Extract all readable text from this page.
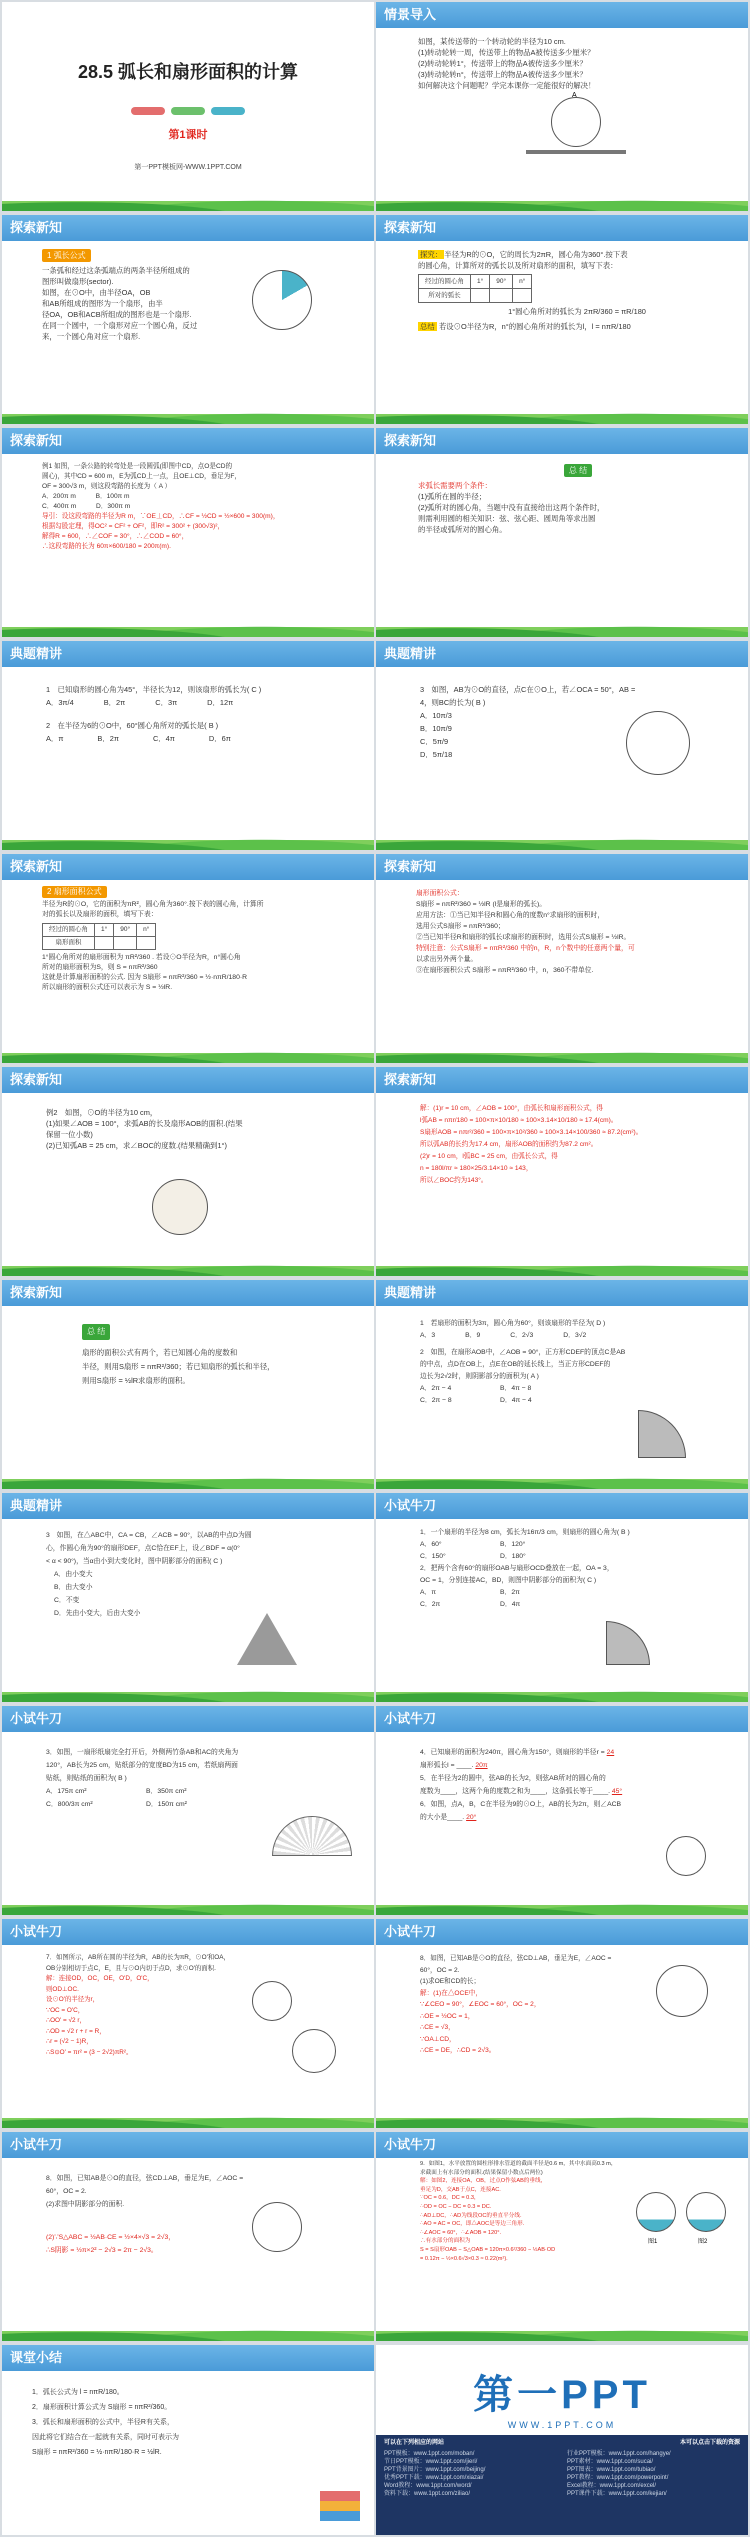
28.5 弧长和扇形面积的计算
第1课时
第一PPT模板网-WWW.1PPT.COM
情景导入
如图，某传送带的一个转动轮的半径为10 cm.
(1)转动轮转一周，传送带上的物品A被传送多少厘米？
(2)转动轮转1°，传送带上的物品A被传送多少厘米？
(3)转动轮转n°，传送带上的物品A被传送多少厘米？
如何解决这个问题呢？学完本课你一定能很好的解决！
A
探索新知
1 弧长公式
一条弧和经过这条弧端点的两条半径所组成的
图形叫做扇形(sector).
如图，在⊙O中，由半径OA，OB
和AB所组成的图形为一个扇形，由半
径OA，OB和ACB所组成的图形也是一个扇形.
在同一个圆中，一个扇形对应一个圆心角，反过
来，一个圆心角对应一个扇形.
探索新知
探究： 半径为R的⊙O，它的周长为2πR，圆心角为360°.按下表
的圆心角，计算所对的弧长以及所对扇形的面积，填写下表：
经过的圆心角	1°	90°	n°
所对的弧长			
1°圆心角所对的弧长为 2πR/360 = πR/180
总结 若设⊙O半径为R，n°的圆心角所对的弧长为l，l = nπR/180
探索新知
例1 如图，一条公路的转弯处是一段圆弧(即图中CD，点O是CD的
圆心)，其中CD = 600 m，E为弧CD上一点，且OE⊥CD，垂足为F，
OF = 300√3 m，则这段弯路的长度为（ A ）
A．200π m　　　B．100π m
C．400π m　　　D．300π m
导引：设这段弯路的半径为R m，∵OE⊥CD，∴CF = ½CD = ½×600 = 300(m)，
根据勾股定理，得OC² = CF² + OF²，即R² = 300² + (300√3)²，
解得R = 600，∴∠COF = 30°，∴∠COD = 60°，
∴这段弯路的长为 60π×600/180 = 200π(m).
探索新知
总 结
求弧长需要两个条件：
(1)弧所在圆的半径；
(2)弧所对的圆心角，当题中没有直接给出这两个条件时，
则需利用圆的相关知识：弦、弦心距、圆周角等求出圆
的半径或弧所对的圆心角。
典题精讲
1　已知扇形的圆心角为45°，半径长为12，则该扇形的弧长为( C )
A．3π/4	B．2π	C．3π	D．12π
2　在半径为6的⊙O中，60°圆心角所对的弧长是( B )
A．π	B．2π	C．4π	D．6π
典题精讲
3　如图，AB为⊙O的直径，点C在⊙O上，若∠OCA = 50°，AB =
4，则BC的长为( B )
A．10π/3
B．10π/9
C．5π/9
D．5π/18
探索新知
2 扇形面积公式
半径为R的⊙O，它的面积为πR²，圆心角为360°.按下表的圆心角，计算所
对的弧长以及扇形的面积，填写下表：
经过的圆心角	1°	90°	n°
扇形面积			
1°圆心角所对的扇形面积为 πR²/360 . 若设⊙O半径为R，n°圆心角
所对的扇形面积为S，则 S = nπR²/360
这就是计算扇形面积的公式. 因为 S扇形 = nπR²/360 = ½·nπR/180·R
所以扇形的面积公式还可以表示为 S = ½lR.
探索新知
扇形面积公式：
S扇形 = nπR²/360 = ½lR (l是扇形的弧长)。
应用方法：①当已知半径R和圆心角的度数n°求扇形的面积时，
选用公式S扇形 = nπR²/360；
②当已知半径R和扇形的弧长l求扇形的面积时，选用公式S扇形 = ½lR。
特别注意：公式S扇形 = nπR²/360 中的n，R，n个数中的任意两个量，可
以求出另外两个量。
③在扇形面积公式 S扇形 = nπR²/360 中，n，360不带单位.
探索新知
例2　如图，⊙O的半径为10 cm，
(1)如果∠AOB = 100°，求弧AB的长及扇形AOB的面积.(结果
保留一位小数)
(2)已知弧AB = 25 cm，求∠BOC的度数.(结果精确到1°)
探索新知
解：(1)r = 10 cm，∠AOB = 100°，由弧长和扇形面积公式，得
l弧AB = nπr/180 = 100×π×10/180 ≈ 100×3.14×10/180 ≈ 17.4(cm)。
S扇形AOB = nπr²/360 = 100×π×10²/360 ≈ 100×3.14×100/360 ≈ 87.2(cm²)。
所以弧AB的长约为17.4 cm，扇形AOB的面积约为87.2 cm²。
(2)r = 10 cm，l弧BC = 25 cm，由弧长公式，得
n = 180l/πr ≈ 180×25/3.14×10 ≈ 143，
所以∠BOC约为143°。
探索新知
总 结
扇形的面积公式有两个，若已知圆心角的度数和
半径，则用S扇形 = nπR²/360；若已知扇形的弧长和半径，
则用S扇形 = ½lR求扇形的面积。
典题精讲
1　若扇形的面积为3π，圆心角为60°，则该扇形的半径为( D )
A．3	B．9	C．2√3	D．3√2
2　如图，在扇形AOB中，∠AOB = 90°，正方形CDEF的顶点C是AB
的中点，点D在OB上，点E在OB的延长线上，当正方形CDEF的
边长为2√2时，则阴影部分的面积为( A )
A．2π − 4	B．4π − 8
C．2π − 8	D．4π − 4
典题精讲
3　如图，在△ABC中，CA = CB，∠ACB = 90°，以AB的中点D为圆
心，作圆心角为90°的扇形DEF，点C恰在EF上，设∠BDF = α(0°
< α < 90°)，当α由小到大变化时，图中阴影部分的面积( C )
A．由小变大
B．由大变小
C．不变
D．先由小变大，后由大变小
小试牛刀
1．一个扇形的半径为8 cm，弧长为16π/3 cm，则扇形的圆心角为( B )
A．60°	B．120°
C．150°	D．180°
2．把两个含有60°的扇形OAB与扇形OCD叠放在一起，OA = 3，
OC = 1，分别连接AC，BD，则图中阴影部分的面积为( C )
A．π	B．2π
C．2π	D．4π
小试牛刀
3．如图，一扇形纸扇完全打开后，外侧两竹条AB和AC的夹角为
120°，AB长为25 cm，贴纸部分的宽度BD为15 cm，若纸扇两面
贴纸，则贴纸的面积为( B )
A．175π cm²	B．350π cm²
C．800/3π cm²	D．150π cm²
小试牛刀
4．已知扇形的面积为240π，圆心角为150°，则扇形的半径r = 24
扇形弧长l = ____. 20π
5．在半径为2的圆中，弦AB的长为2，则弦AB所对的圆心角的
度数为____，这两个角的度数之和为____，这条弧长等于____. 45°
6．如图，点A，B，C在半径为9的⊙O上，AB的长为2π，则∠ACB
的大小是____. 20°
小试牛刀
7．如图所示，AB所在圆的半径为R，AB的长为πR，⊙O'和OA，
OB分别相切于点C，E，且与⊙O内切于点D，求⊙O'的面积.
解：连接OD，OC，OE，O'D，O'C，
则OD⊥OC.
设⊙O'的半径为r，
∵OC = O'C，
∴OO' = √2 r，
∴OD = √2 r + r = R，
∴r = (√2 − 1)R，
∴S⊙O' = πr² = (3 − 2√2)πR²。
小试牛刀
8．如图，已知AB是⊙O的直径，弦CD⊥AB，垂足为E，∠AOC =
60°，OC = 2.
(1)求OE和CD的长；
解：(1)在△OCE中，
∵∠CEO = 90°，∠EOC = 60°，OC = 2，
∴OE = ½OC = 1，
∴CE = √3，
∵OA⊥CD，
∴CE = DE，∴CD = 2√3。
小试牛刀
8．如图，已知AB是⊙O的直径，弦CD⊥AB，垂足为E，∠AOC =
60°，OC = 2.
(2)求图中阴影部分的面积.
(2)∵S△ABC = ½AB·CE = ½×4×√3 = 2√3，
∴S阴影 = ½π×2² − 2√3 = 2π − 2√3。
小试牛刀
9．如图1，水平放置的圆柱形排水管道的截面半径是0.6 m，其中水面高0.3 m，
求截面上有水部分的面积.(结果保留小数点后两位)
解：如图2，连接OA，OB，过点O作弦AB的垂线，
垂足为D，交AB于点C，连接AC.
∵OC = 0.6，DC = 0.3，
∴OD = OC − DC = 0.3 = DC.
∴AD⊥DC，∴AD为线段OC的垂直平分线.
∴AO = AC = OC，即△AOC是等边三角形.
∴∠AOC = 60°，∴∠AOB = 120°.
∴有水部分的面积为
S = S扇形OAB − S△OAB = 120π×0.6²/360 − ½AB·OD
= 0.12π − ½×0.6√3×0.3 ≈ 0.22(m²).
图1	图2
课堂小结
1．弧长公式为 l = nπR/180。
2．扇形面积计算公式为 S扇形 = nπR²/360。
3．弧长和扇形面积的公式中，半径R有关系，
因此将它们结合在一起就有关系，同时可表示为
S扇形 = nπR²/360 = ½·nπR/180·R = ½lR.
第一PPT
WWW.1PPT.COM
可以在下列相应的网站	本可以点击下载的资源
PPT模板：www.1ppt.com/moban/	行业PPT模板：www.1ppt.com/hangye/
节日PPT模板：www.1ppt.com/jieri/	PPT素材：www.1ppt.com/sucai/
PPT背景图片：www.1ppt.com/beijing/	PPT图表：www.1ppt.com/tubiao/
优秀PPT下载：www.1ppt.com/xiazai/	PPT教程：www.1ppt.com/powerpoint/
Word教程：www.1ppt.com/word/	Excel教程：www.1ppt.com/excel/
资料下载：www.1ppt.com/ziliao/	PPT课件下载：www.1ppt.com/kejian/
